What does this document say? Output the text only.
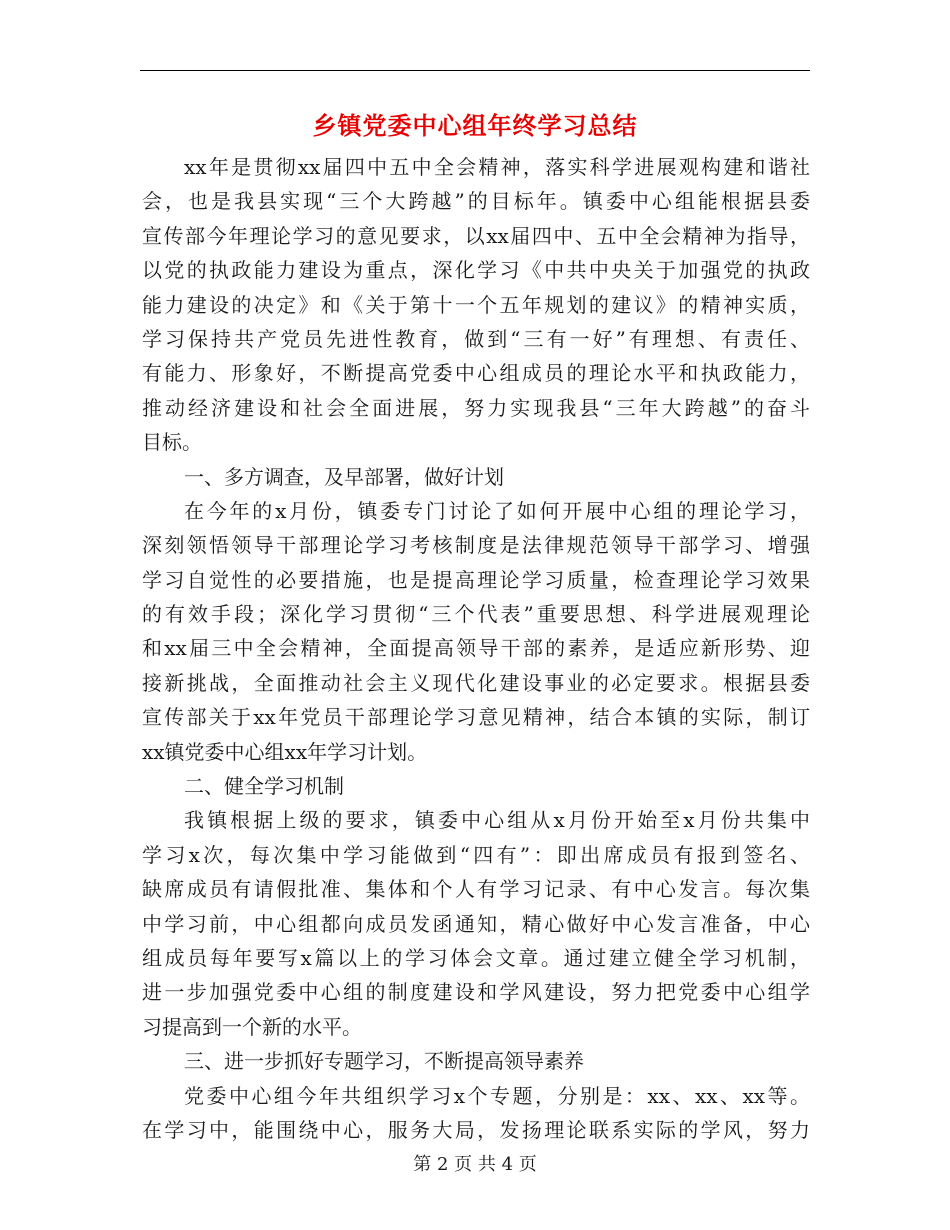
乡镇党委中心组年终学习总结
xx年是贯彻xx届四中五中全会精神，落实科学进展观构建和谐社
会，也是我县实现“三个大跨越”的目标年。镇委中心组能根据县委
宣传部今年理论学习的意见要求，以xx届四中、五中全会精神为指导，
以党的执政能力建设为重点，深化学习《中共中央关于加强党的执政
能力建设的决定》和《关于第十一个五年规划的建议》的精神实质，
学习保持共产党员先进性教育，做到“三有一好”有理想、有责任、
有能力、形象好，不断提高党委中心组成员的理论水平和执政能力，
推动经济建设和社会全面进展，努力实现我县“三年大跨越”的奋斗
目标。
一、多方调查，及早部署，做好计划
在今年的x月份，镇委专门讨论了如何开展中心组的理论学习，
深刻领悟领导干部理论学习考核制度是法律规范领导干部学习、增强
学习自觉性的必要措施，也是提高理论学习质量，检查理论学习效果
的有效手段；深化学习贯彻“三个代表”重要思想、科学进展观理论
和xx届三中全会精神，全面提高领导干部的素养，是适应新形势、迎
接新挑战，全面推动社会主义现代化建设事业的必定要求。根据县委
宣传部关于xx年党员干部理论学习意见精神，结合本镇的实际，制订
xx镇党委中心组xx年学习计划。
二、健全学习机制
我镇根据上级的要求，镇委中心组从x月份开始至x月份共集中
学习x次，每次集中学习能做到“四有”：即出席成员有报到签名、
缺席成员有请假批准、集体和个人有学习记录、有中心发言。每次集
中学习前，中心组都向成员发函通知，精心做好中心发言准备，中心
组成员每年要写x篇以上的学习体会文章。通过建立健全学习机制，
进一步加强党委中心组的制度建设和学风建设，努力把党委中心组学
习提高到一个新的水平。
三、进一步抓好专题学习，不断提高领导素养
党委中心组今年共组织学习x个专题，分别是：xx、xx、xx等。
在学习中，能围绕中心，服务大局，发扬理论联系实际的学风，努力
第 2 页 共 4 页
